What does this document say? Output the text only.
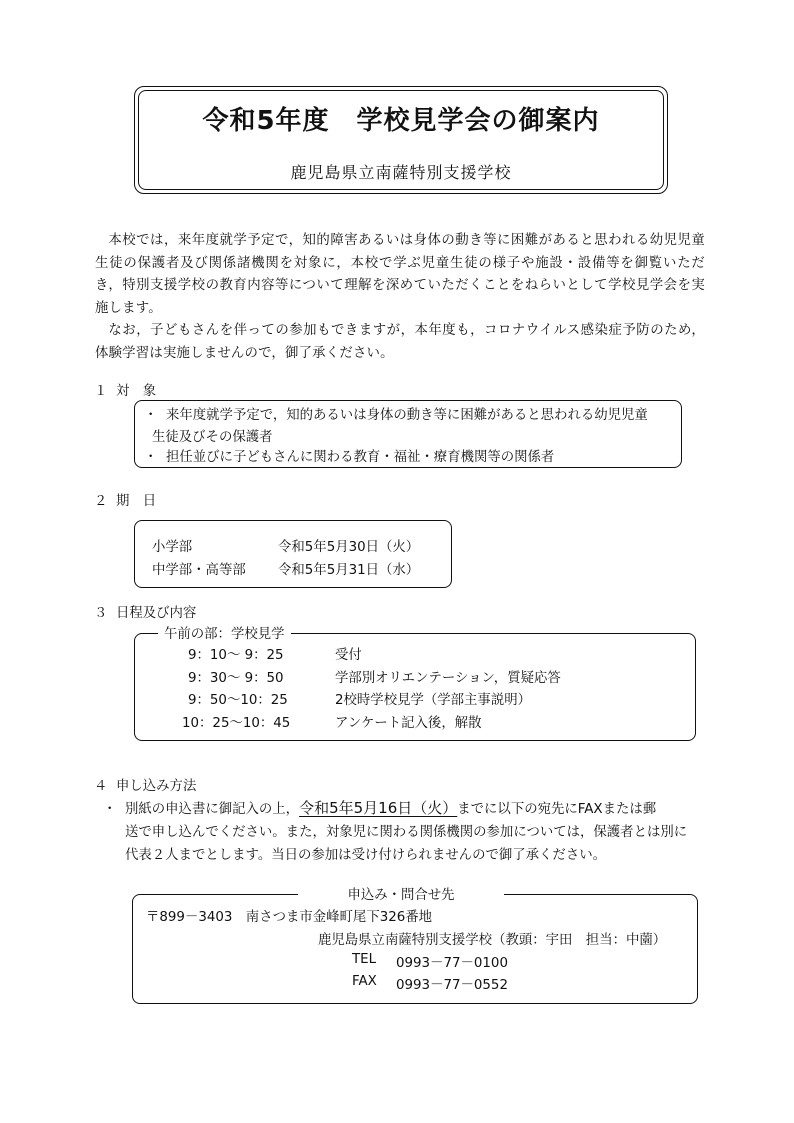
令和5年度　学校見学会の御案内
鹿児島県立南薩特別支援学校
本校では，来年度就学予定で，知的障害あるいは身体の動き等に困難があると思われる幼児児童生徒の保護者及び関係諸機関を対象に，本校で学ぶ児童生徒の様子や施設・設備等を御覧いただき，特別支援学校の教育内容等について理解を深めていただくことをねらいとして学校見学会を実施します。
なお，子どもさんを伴っての参加もできますが，本年度も，コロナウイルス感染症予防のため，体験学習は実施しませんので，御了承ください。
１ 対　象
・ 来年度就学予定で，知的あるいは身体の動き等に困難があると思われる幼児児童
生徒及びその保護者
・ 担任並びに子どもさんに関わる教育・福祉・療育機関等の関係者
２ 期　日
小学部	令和5年5月30日（火）
中学部・高等部 令和5年5月31日（水）
３ 日程及び内容
午前の部：学校見学
9：10～ 9：25	受付
9：30～ 9：50	学部別オリエンテーション，質疑応答
9：50～10：25	2校時学校見学（学部主事説明）
10：25～10：45	アンケート記入後，解散
４ 申し込み方法
・ 別紙の申込書に御記入の上，令和5年5月16日（火）までに以下の宛先にFAXまたは郵
送で申し込んでください。また，対象児に関わる関係機関の参加については，保護者とは別に
代表２人までとします。当日の参加は受け付けられませんので御了承ください。
申込み・問合せ先
〒899－3403　南さつま市金峰町尾下326番地
鹿児島県立南薩特別支援学校（教頭：宇田　担当：中薗）
TEL 0993－77－0100
FAX 0993－77－0552
